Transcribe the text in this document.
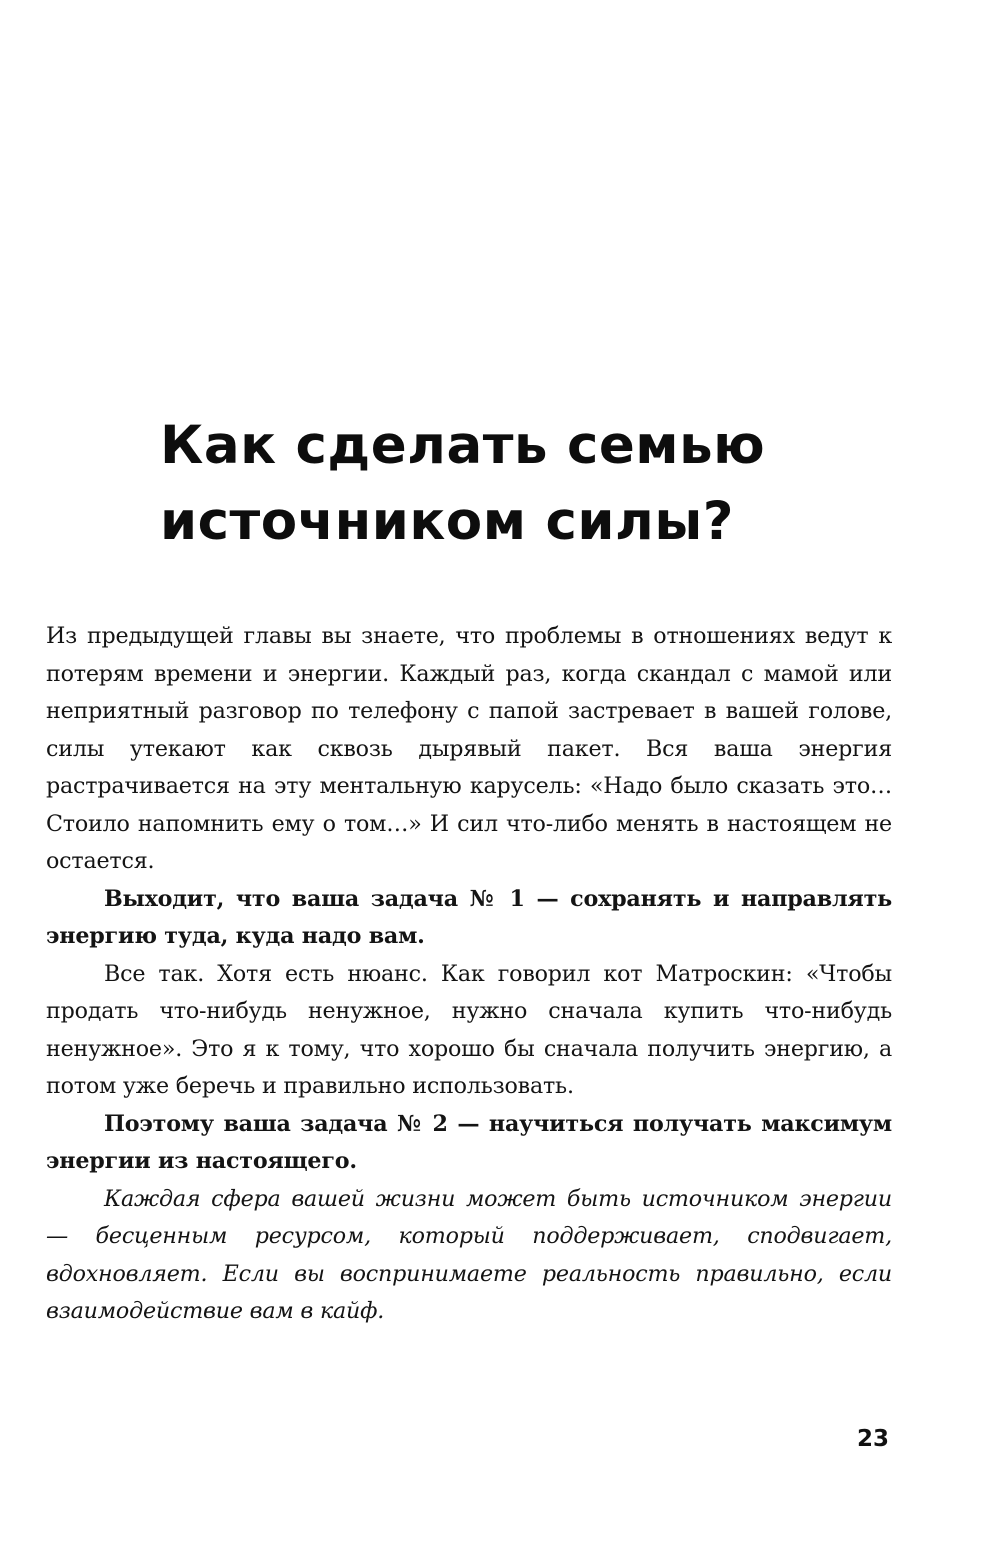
Как сделать семью
источником силы?

Из предыдущей главы вы знаете, что проблемы в отношениях ведут к потерям времени и энергии. Каждый раз, когда скандал с мамой или неприятный разговор по телефону с папой застревает в вашей голове, силы утекают как сквозь дырявый пакет. Вся ваша энергия растрачивается на эту ментальную карусель: «Надо было сказать это… Стоило напомнить ему о том…» И сил что-либо менять в настоящем не остается.

Выходит, что ваша задача № 1 — сохранять и направлять энергию туда, куда надо вам.

Все так. Хотя есть нюанс. Как говорил кот Матроскин: «Чтобы продать что-нибудь ненужное, нужно сначала купить что-нибудь ненужное». Это я к тому, что хорошо бы сначала получить энергию, а потом уже беречь и правильно использовать.

Поэтому ваша задача № 2 — научиться получать максимум энергии из настоящего.

Каждая сфера вашей жизни может быть источником энергии — бесценным ресурсом, который поддерживает, сподвигает, вдохновляет. Если вы воспринимаете реальность правильно, если взаимодействие вам в кайф.

23
